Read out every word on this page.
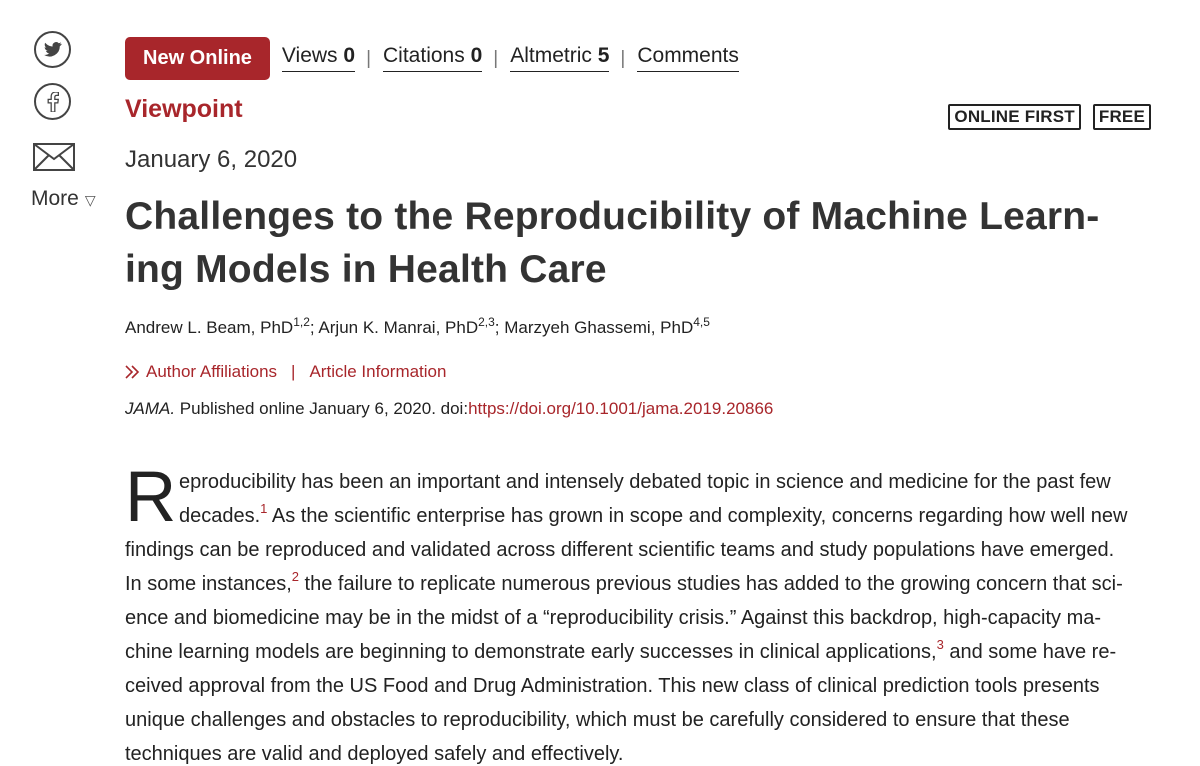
More ▽
New Online	Views 0 | Citations 0 | Altmetric 5 | Comments
Viewpoint	ONLINE FIRST	FREE
January 6, 2020
Challenges to the Reproducibility of Machine Learn-
ing Models in Health Care
Andrew L. Beam, PhD$^{1,2}$; Arjun K. Manrai, PhD$^{2,3}$; Marzyeh Ghassemi, PhD$^{4,5}$
Author Affiliations | Article Information
JAMA. Published online January 6, 2020. doi:https://doi.org/10.1001/jama.2019.20866
R eproducibility has been an important and intensely debated topic in science and medicine for the past few
decades.$^1$ As the scientific enterprise has grown in scope and complexity, concerns regarding how well new
findings can be reproduced and validated across different scientific teams and study populations have emerged.
In some instances,$^2$ the failure to replicate numerous previous studies has added to the growing concern that sci-
ence and biomedicine may be in the midst of a “reproducibility crisis.” Against this backdrop, high-capacity ma-
chine learning models are beginning to demonstrate early successes in clinical applications,$^3$ and some have re-
ceived approval from the US Food and Drug Administration. This new class of clinical prediction tools presents
unique challenges and obstacles to reproducibility, which must be carefully considered to ensure that these
techniques are valid and deployed safely and effectively.
